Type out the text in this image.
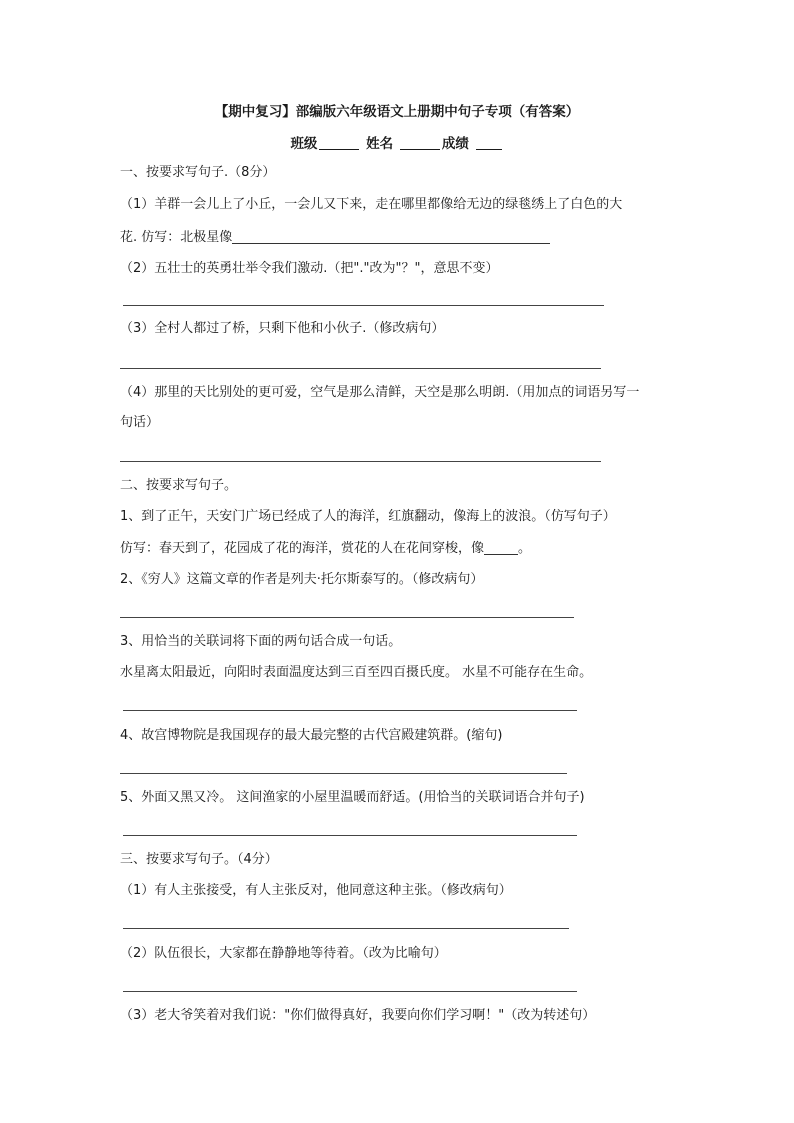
【期中复习】部编版六年级语文上册期中句子专项（有答案）
班级	姓名	成绩
一、按要求写句子.（8分）
（1）羊群一会儿上了小丘，一会儿又下来，走在哪里都像给无边的绿毯绣上了白色的大
花. 仿写：北极星像
（2）五壮士的英勇壮举令我们激动.（把"."改为"？"，意思不变）
（3）全村人都过了桥，只剩下他和小伙子.（修改病句）
（4）那里的天比别处的更可爱，空气是那么清鲜，天空是那么明朗.（用加点的词语另写一
句话）
二、按要求写句子。
1、到了正午，天安门广场已经成了人的海洋，红旗翻动，像海上的波浪。（仿写句子）
仿写：春天到了，花园成了花的海洋，赏花的人在花间穿梭，像	。
2、《穷人》这篇文章的作者是列夫·托尔斯泰写的。（修改病句）
3、用恰当的关联词将下面的两句话合成一句话。
水星离太阳最近，向阳时表面温度达到三百至四百摄氏度。 水星不可能存在生命。
4、故宫博物院是我国现存的最大最完整的古代宫殿建筑群。(缩句)
5、外面又黑又冷。 这间渔家的小屋里温暖而舒适。(用恰当的关联词语合并句子)
三、按要求写句子。（4分）
（1）有人主张接受，有人主张反对，他同意这种主张。（修改病句）
（2）队伍很长，大家都在静静地等待着。（改为比喻句）
（3）老大爷笑着对我们说："你们做得真好，我要向你们学习啊！"（改为转述句）
